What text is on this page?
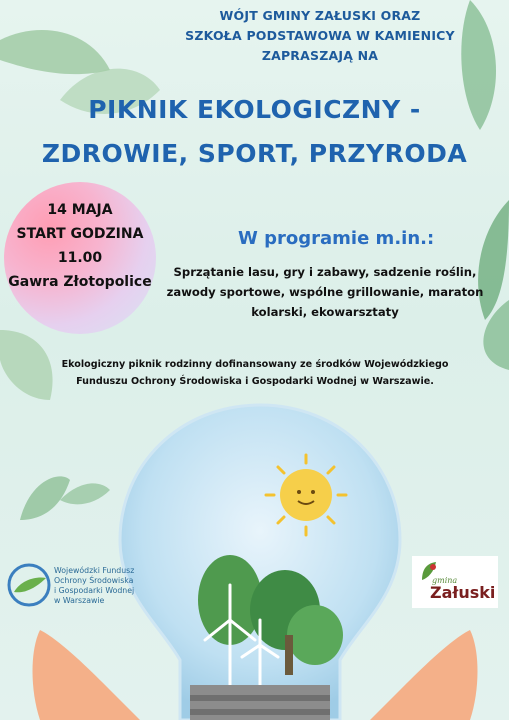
WÓJT GMINY ZAŁUSKI ORAZ
SZKOŁA PODSTAWOWA W KAMIENICY
ZAPRASZAJĄ NA
PIKNIK EKOLOGICZNY -
ZDROWIE, SPORT, PRZYRODA
14 MAJA
START GODZINA
11.00
Gawra Złotopolice
W programie m.in.:
Sprzątanie lasu, gry i zabawy, sadzenie roślin,
zawody sportowe, wspólne grillowanie, maraton
kolarski, ekowarsztaty
Ekologiczny piknik rodzinny dofinansowany ze środków Wojewódzkiego
Funduszu Ochrony Środowiska i Gospodarki Wodnej w Warszawie.
Wojewódzki Fundusz
Ochrony Środowiska
i Gospodarki Wodnej
w Warszawie
gmina
Załuski
